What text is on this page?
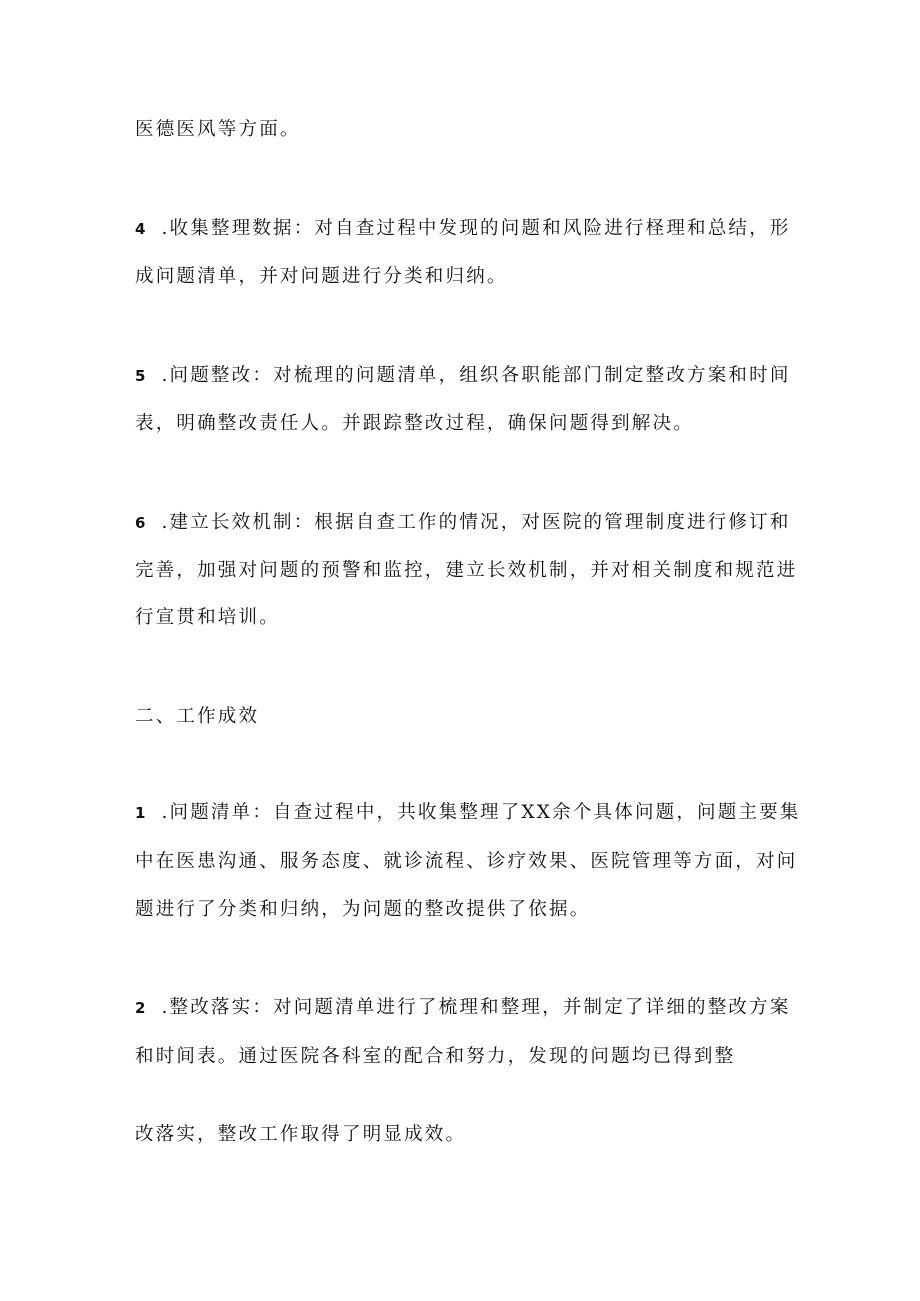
医德医风等方面。
4 .收集整理数据：对自查过程中发现的问题和风险进行柽理和总结，形
成问题清单，并对问题进行分类和归纳。
5 .问题整改：对梳理的问题清单，组织各职能部门制定整改方案和时间
表，明确整改责任人。并跟踪整改过程，确保问题得到解决。
6 .建立长效机制：根据自查工作的情况，对医院的管理制度进行修订和
完善，加强对问题的预警和监控，建立长效机制，并对相关制度和规范进
行宣贯和培训。
二、工作成效
1 .问题清单：自查过程中，共收集整理了XX余个具体问题，问题主要集
中在医患沟通、服务态度、就诊流程、诊疗效果、医院管理等方面，对问
题进行了分类和归纳，为问题的整改提供了依据。
2 .整改落实：对问题清单进行了梳理和整理，并制定了详细的整改方案
和时间表。通过医院各科室的配合和努力，发现的问题均已得到整
改落实，整改工作取得了明显成效。
